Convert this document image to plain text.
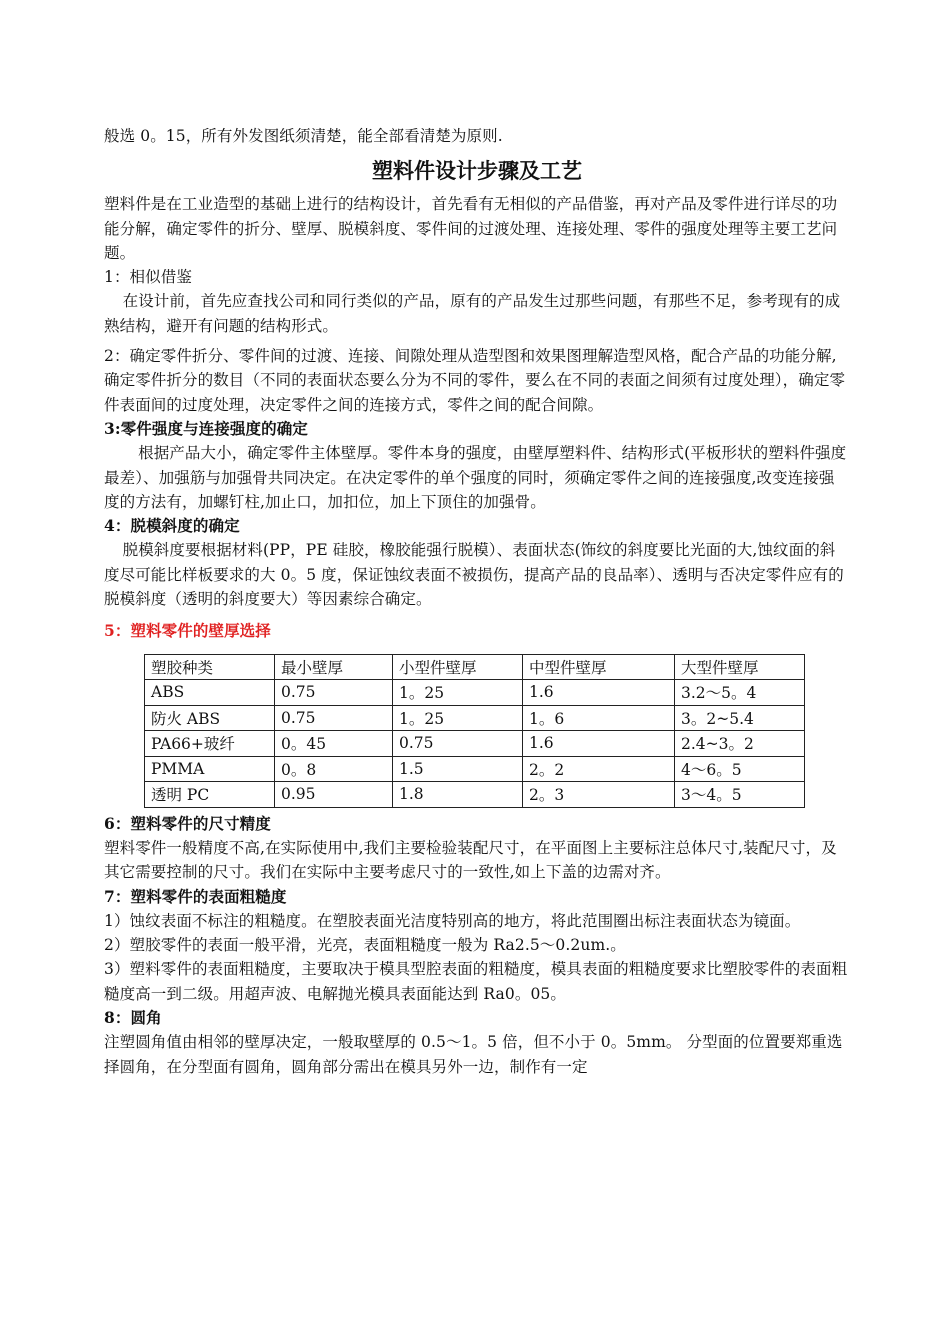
般选 0。15，所有外发图纸须清楚，能全部看清楚为原则.

塑料件设计步骤及工艺

塑料件是在工业造型的基础上进行的结构设计，首先看有无相似的产品借鉴，再对产品及零件进行详尽的功能分解，确定零件的折分、壁厚、脱模斜度、零件间的过渡处理、连接处理、零件的强度处理等主要工艺问题。

1：相似借鉴

在设计前，首先应查找公司和同行类似的产品，原有的产品发生过那些问题，有那些不足，参考现有的成熟结构，避开有问题的结构形式。

2：确定零件折分、零件间的过渡、连接、间隙处理从造型图和效果图理解造型风格，配合产品的功能分解,确定零件折分的数目（不同的表面状态要么分为不同的零件，要么在不同的表面之间须有过度处理），确定零件表面间的过度处理，决定零件之间的连接方式，零件之间的配合间隙。

3:零件强度与连接强度的确定

根据产品大小，确定零件主体壁厚。零件本身的强度，由壁厚塑料件、结构形式(平板形状的塑料件强度最差）、加强筋与加强骨共同决定。在决定零件的单个强度的同时，须确定零件之间的连接强度,改变连接强度的方法有，加螺钉柱,加止口，加扣位，加上下顶住的加强骨。

4：脱模斜度的确定

脱模斜度要根据材料(PP，PE 硅胶，橡胶能强行脱模）、表面状态(饰纹的斜度要比光面的大,蚀纹面的斜度尽可能比样板要求的大 0。5 度，保证蚀纹表面不被损伤，提高产品的良品率）、透明与否决定零件应有的脱模斜度（透明的斜度要大）等因素综合确定。

5：塑料零件的壁厚选择

塑胶种类	最小壁厚	小型件壁厚	中型件壁厚	大型件壁厚
ABS	0.75	1。25	1.6	3.2～5。4
防火 ABS	0.75	1。25	1。6	3。2~5.4
PA66+玻纤	0。45	0.75	1.6	2.4~3。2
PMMA	0。8	1.5	2。2	4～6。5
透明 PC	0.95	1.8	2。3	3～4。5

6：塑料零件的尺寸精度

塑料零件一般精度不高,在实际使用中,我们主要检验装配尺寸，在平面图上主要标注总体尺寸,装配尺寸，及其它需要控制的尺寸。我们在实际中主要考虑尺寸的一致性,如上下盖的边需对齐。

7：塑料零件的表面粗糙度

1）蚀纹表面不标注的粗糙度。在塑胶表面光洁度特别高的地方，将此范围圈出标注表面状态为镜面。

2）塑胶零件的表面一般平滑，光亮，表面粗糙度一般为 Ra2.5～0.2um.。

3）塑料零件的表面粗糙度，主要取决于模具型腔表面的粗糙度，模具表面的粗糙度要求比塑胶零件的表面粗糙度高一到二级。用超声波、电解抛光模具表面能达到 Ra0。05。

8：圆角

注塑圆角值由相邻的壁厚决定，一般取壁厚的 0.5～1。5 倍，但不小于 0。5mm。 分型面的位置要郑重选择圆角，在分型面有圆角，圆角部分需出在模具另外一边，制作有一定
